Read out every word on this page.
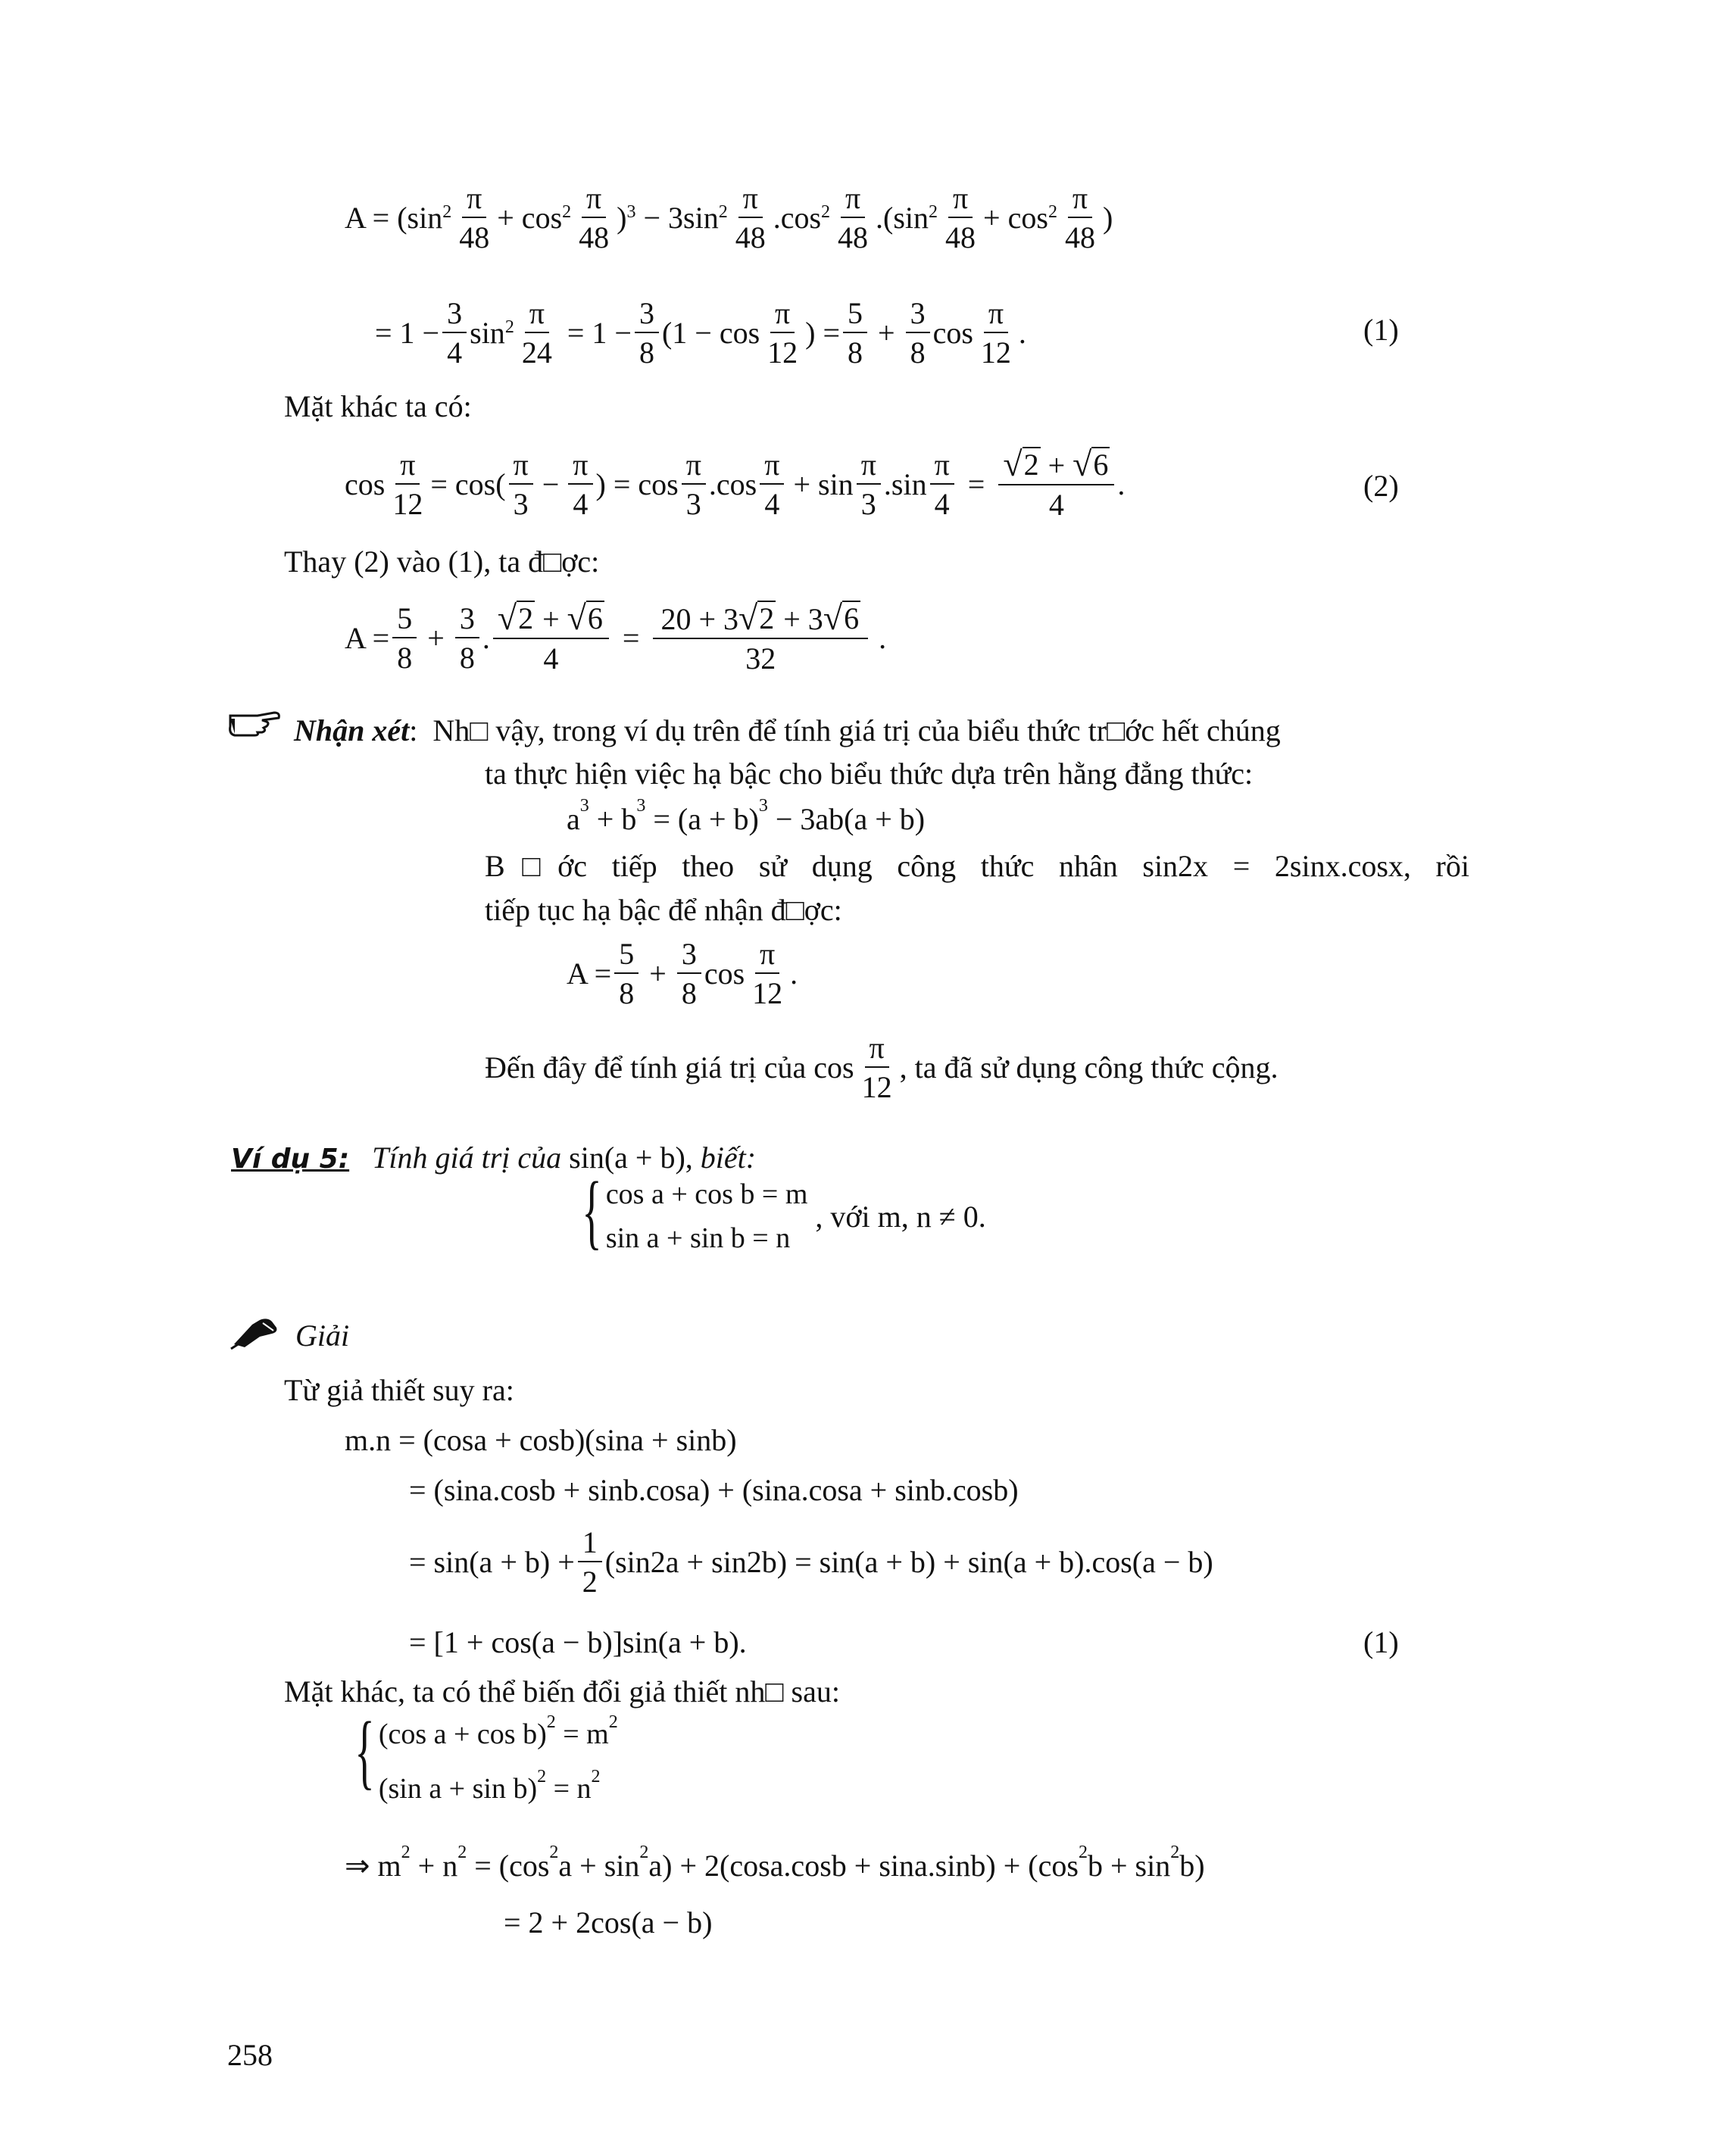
$A = (\sin^2 \frac{\pi}{48} + \cos^2 \frac{\pi}{48} )^3 - 3\sin^2 \frac{\pi}{48} .\cos^2 \frac{\pi}{48} .(\sin^2 \frac{\pi}{48} + \cos^2 \frac{\pi}{48}$ )
= $1 - \frac{3}{4} \sin^2 \frac{\pi}{24} = 1 - \frac{3}{8} (1 - \cos \frac{\pi}{12}$ ) = $\frac{5}{8} + \frac{3}{8}$ $\cos \frac{\pi}{12}$ .	(1)
Mặt khác ta có:
$\cos \frac{\pi}{12} = \cos( \frac{\pi}{3} - \frac{\pi}{4}$ ) = $\cos \frac{\pi}{3} .\cos \frac{\pi}{4} + \sin \frac{\pi}{3} .\sin \frac{\pi}{4} = \frac{√ 2 + √ 6}{4}$ .	(2)
Thay (2) vào (1), ta đ□ợc:
$A = \frac{5}{8} + \frac{3}{8}$ . $\frac{√ 2 + √ 6}{4} = \frac{20 + 3 √ 2 + 3 √ 6}{32}$ .
Nhận xét: Nh□ vậy, trong ví dụ trên để tính giá trị của biểu thức tr□ớc hết chúng
ta thực hiện việc hạ bậc cho biểu thức dựa trên hằng đẳng thức:
$a^3 + b^3 = (a + b)^3 - 3ab(a + b)$
B□ớc tiếp theo sử dụng công thức nhân sin2x = 2sinx.cosx, rồi
tiếp tục hạ bậc để nhận đ□ợc:
$A = \frac{5}{8} + \frac{3}{8}$ $\cos \frac{\pi}{12}$ .
Đến đây để tính giá trị của $\cos \frac{\pi}{12}$ , ta đã sử dụng công thức cộng.
Ví dụ 5: Tính giá trị của sin(a + b), biết:
{ cos a + cos b = m
sin a + sin b = n
, với m, n ≠ 0.
Giải
Từ giả thiết suy ra:
m.n = (cosa + cosb)(sina + sinb)
= (sina.cosb + sinb.cosa) + (sina.cosa + sinb.cosb)
= $\sin(a + b) + \frac{1}{2} (\sin 2a + \sin 2b) = \sin(a + b) + \sin(a + b).\cos(a - b)$
= [1 + cos(a − b)]sin(a + b).	(1)
Mặt khác, ta có thể biến đổi giả thiết nh□ sau:
{ (cos $a + \cos b)^2 = m^2$
(sin $a + \sin b)^2 = n^2$
⇒ $m^2 + n^2 = (\cos^2a + \sin^2a) + 2(\cos a.\cos b + \sin a.\sin b) + (\cos^2b + \sin^2b)$
= 2 + 2cos(a − b)
258
